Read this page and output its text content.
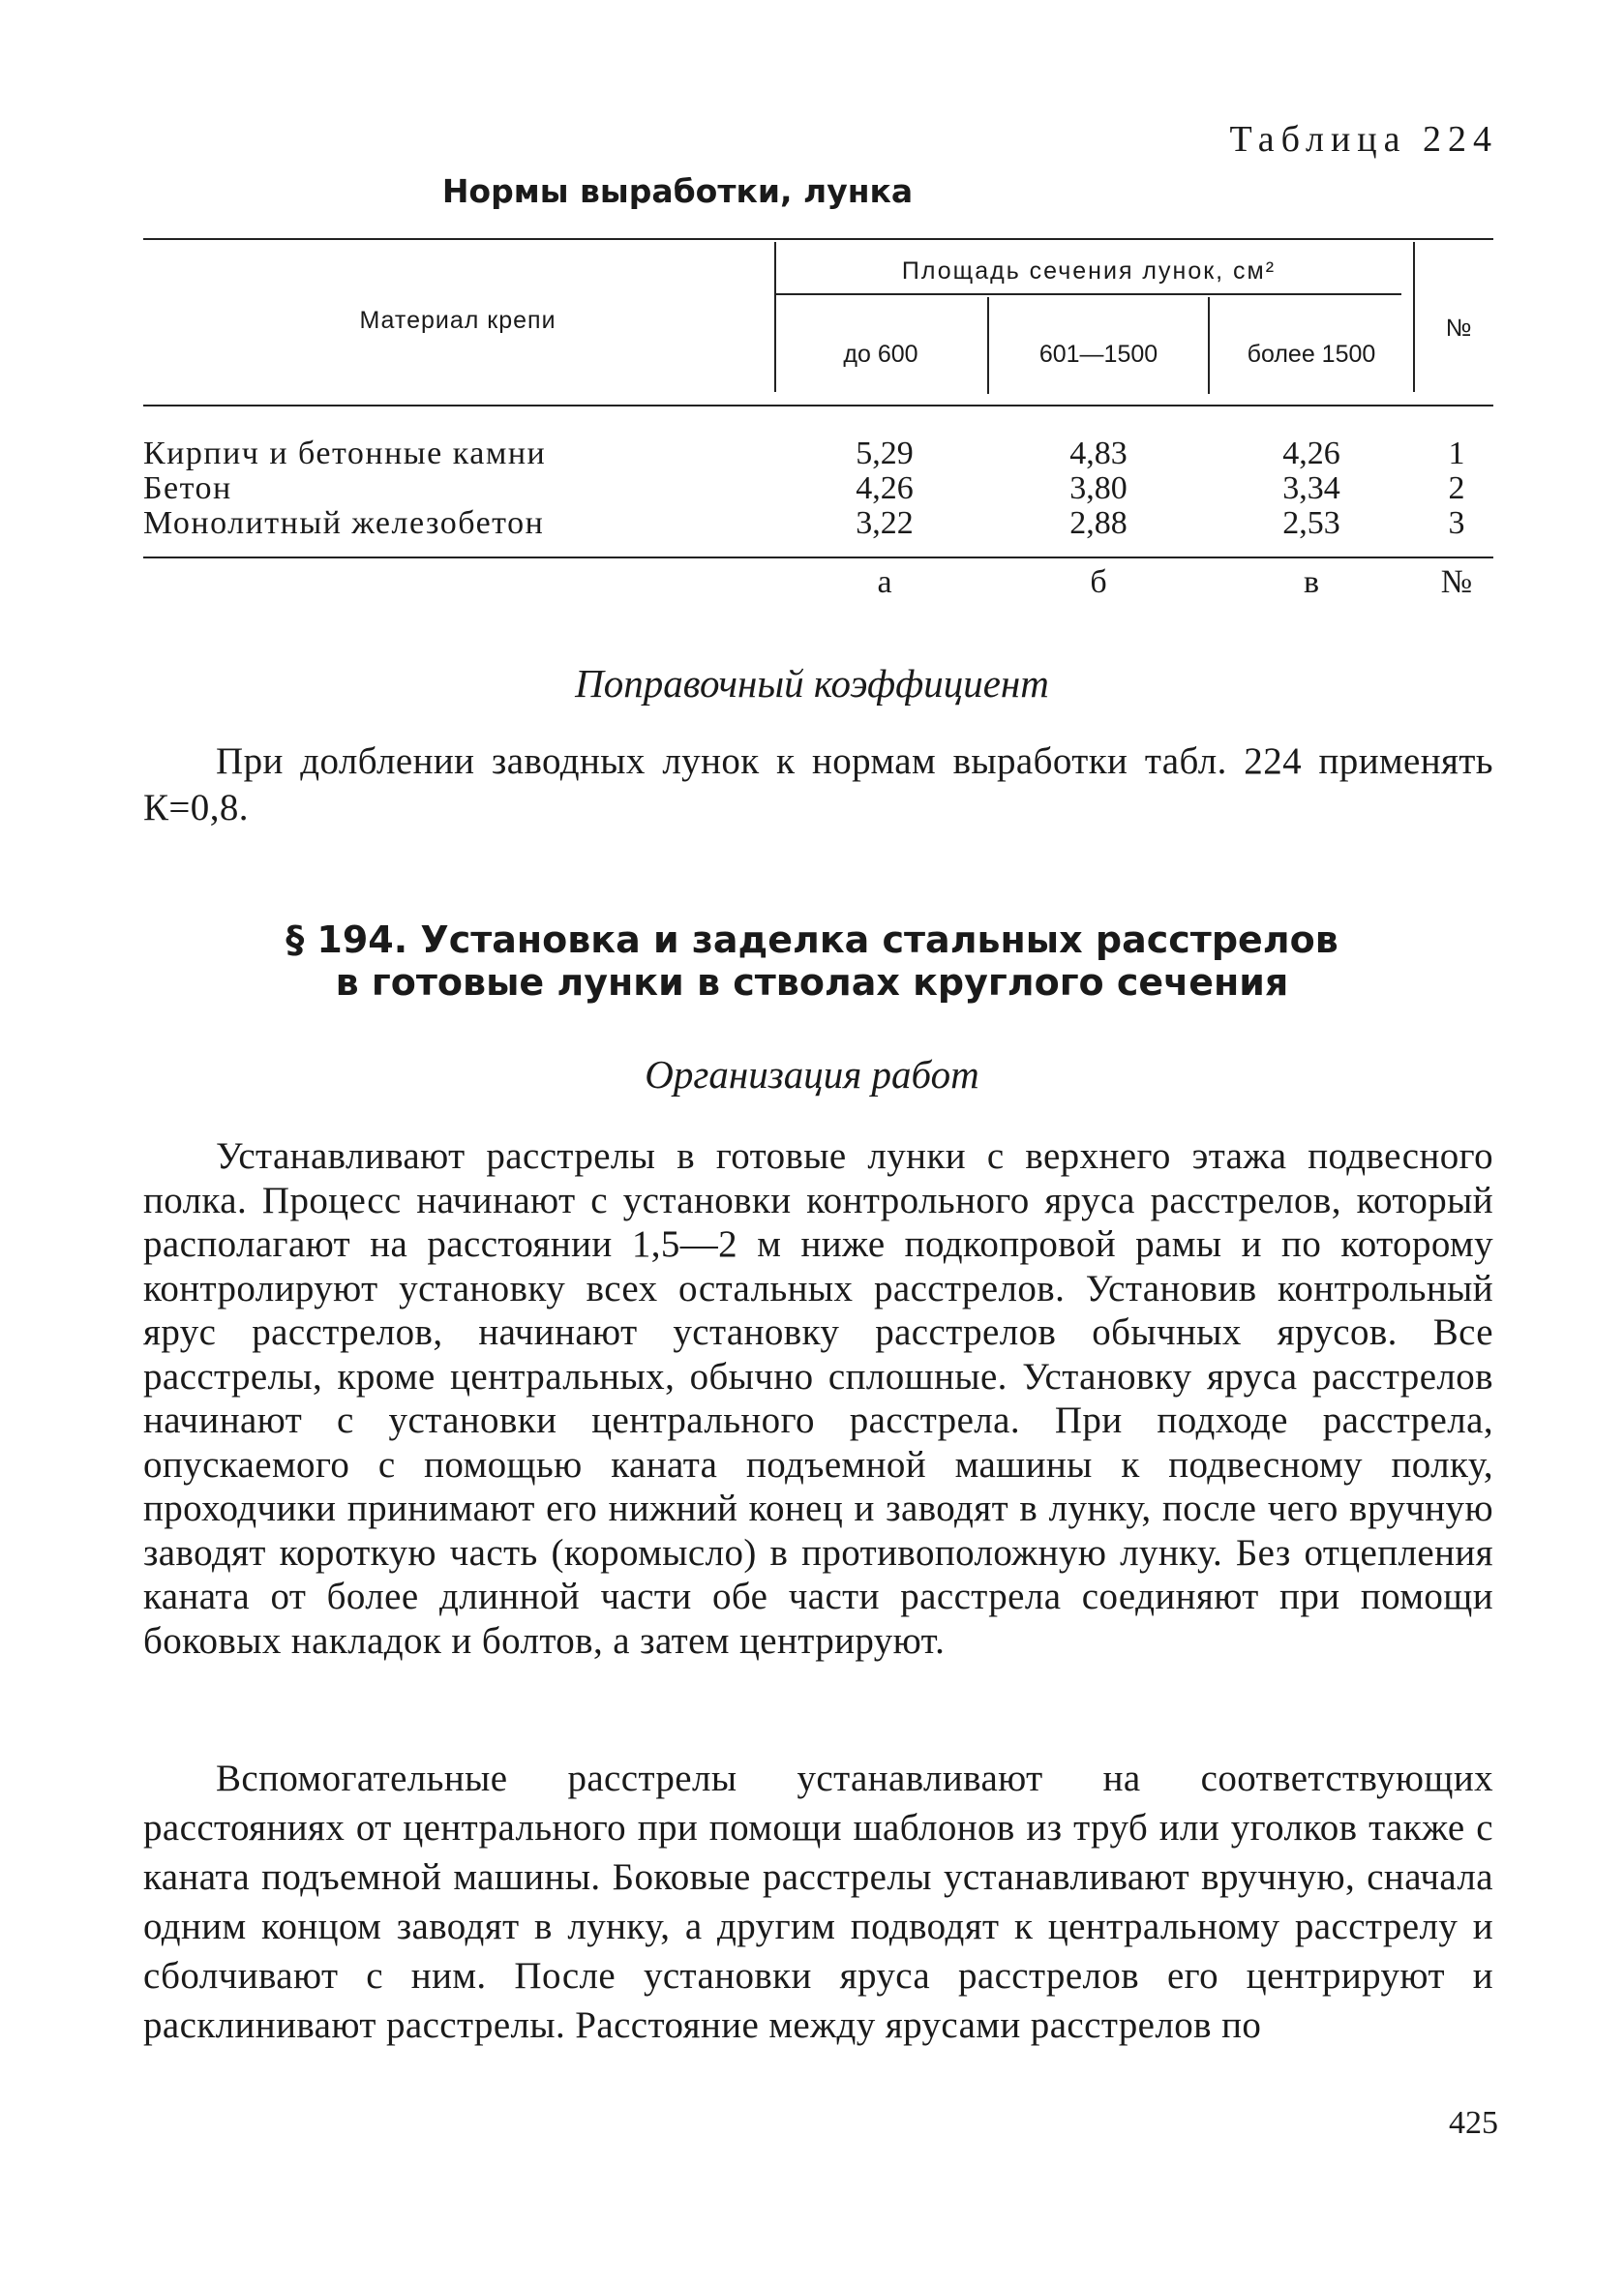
Таблица 224
Нормы выработки, лунка
Материал крепи
Площадь сечения лунок, см²
до 600	601—1500	более 1500
№
Кирпич и бетонные камни	5,29	4,83	4,26	1
Бетон	4,26	3,80	3,34	2
Монолитный железобетон	3,22	2,88	2,53	3
а	б	в	№
Поправочный коэффициент

При долблении заводных лунок к нормам выработки табл. 224 применять К=0,8.

§ 194. Установка и заделка стальных расстрелов
в готовые лунки в стволах круглого сечения
Организация работ

Устанавливают расстрелы в готовые лунки с верхнего этажа подвесного полка. Процесс начинают с установки контрольного яруса расстрелов, который располагают на расстоянии 1,5—2 м ниже подкопровой рамы и по которому контролируют установку всех остальных расстрелов. Установив контрольный ярус расстрелов, начинают установку расстрелов обычных ярусов. Все расстрелы, кроме центральных, обычно сплошные. Установку яруса расстрелов начинают с установки центрального расстрела. При подходе расстрела, опускаемого с помощью каната подъемной машины к подвесному полку, проходчики принимают его нижний конец и заводят в лунку, после чего вручную заводят короткую часть (коромысло) в противоположную лунку. Без отцепления каната от более длинной части обе части расстрела соединяют при помощи боковых накладок и болтов, а затем центрируют.

Вспомогательные расстрелы устанавливают на соответствующих расстояниях от центрального при помощи шаблонов из труб или уголков также с каната подъемной машины. Боковые расстрелы устанавливают вручную, сначала одним концом заводят в лунку, а другим подводят к центральному расстрелу и сболчивают с ним. После установки яруса расстрелов его центрируют и расклинивают расстрелы. Расстояние между ярусами расстрелов по

425
